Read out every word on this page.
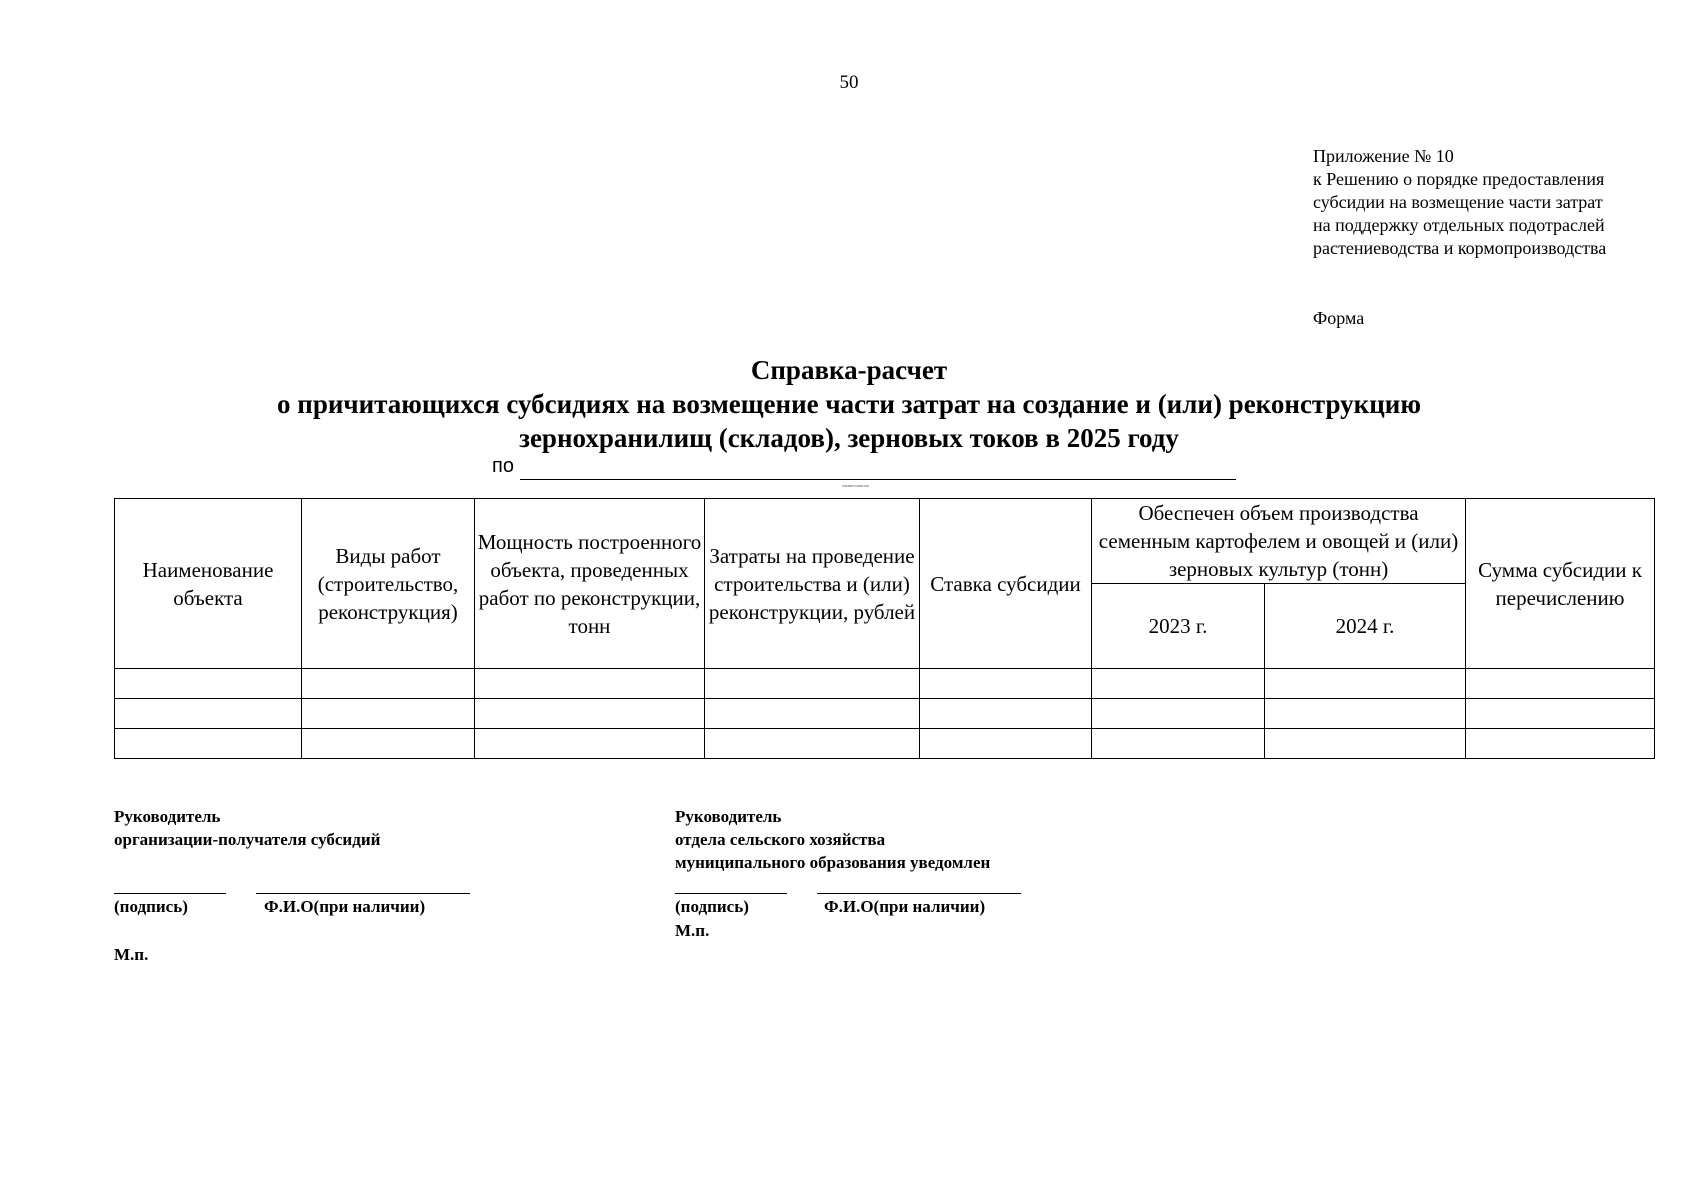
50
Приложение № 10
к Решению о порядке предоставления
субсидии на возмещение части затрат
на поддержку отдельных подотраслей
растениеводства и кормопроизводства
Форма
Справка-расчет
о причитающихся субсидиях на возмещение части затрат на создание и (или) реконструкцию
зернохранилищ (складов), зерновых токов в 2025 году
по
наименование
Наименование объекта	Виды работ (строительство, реконструкция)	Мощность построенного объекта, проведенных работ по реконструкции, тонн	Затраты на проведение строительства и (или) реконструкции, рублей	Ставка субсидии	Обеспечен объем производства семенным картофелем и овощей и (или) зерновых культур (тонн)		Сумма субсидии к перечислению
					2023 г.	2024 г.	

Руководитель
организации-получателя субсидий
(подпись)	Ф.И.О(при наличии)
М.п.
Руководитель
отдела сельского хозяйства
муниципального образования уведомлен
(подпись)	Ф.И.О(при наличии)
М.п.
